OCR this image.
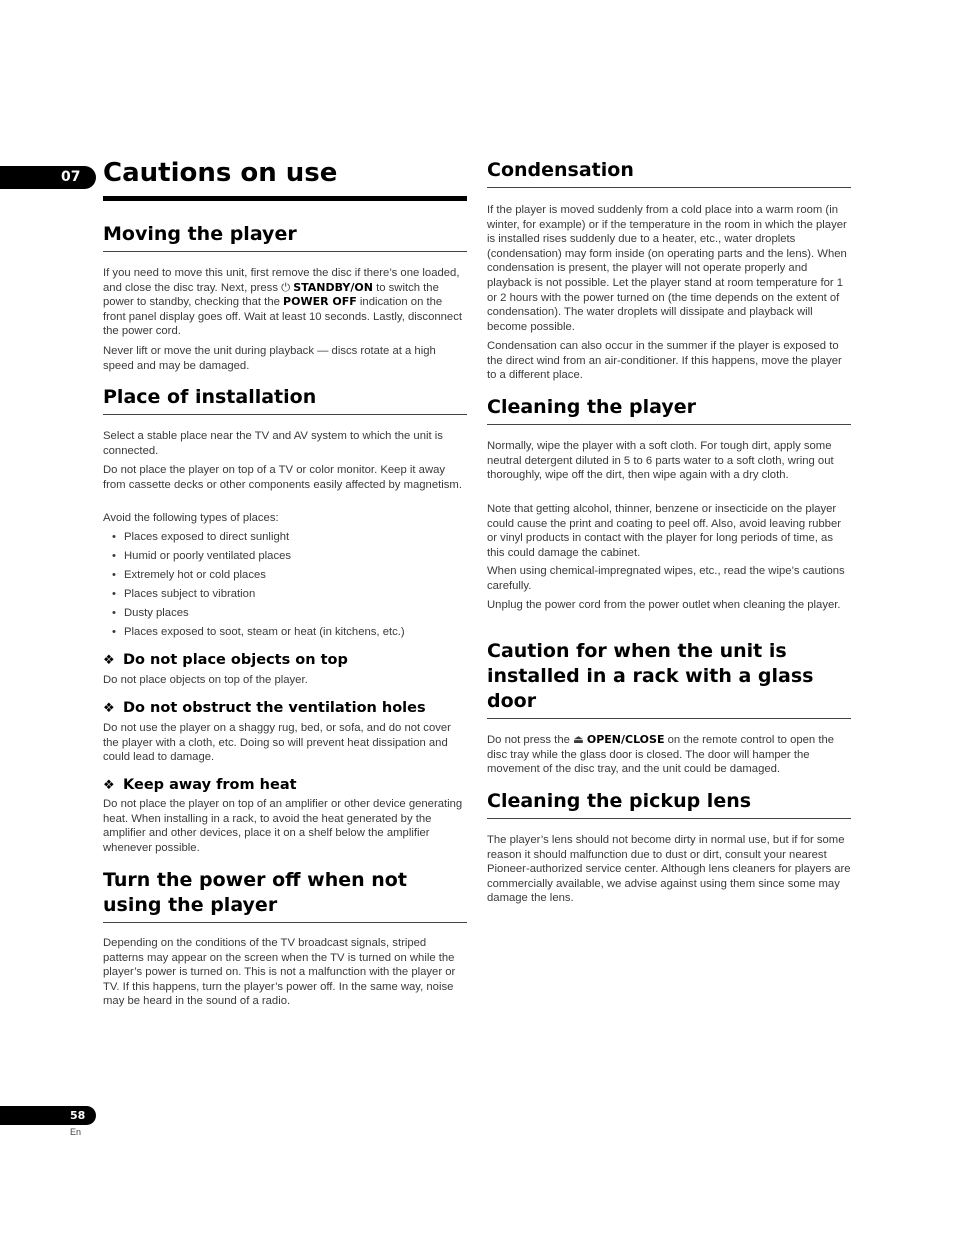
07 Cautions on use
Moving the player

If you need to move this unit, first remove the disc if there’s one loaded, and close the disc tray. Next, press ⏻ STANDBY/ON to switch the power to standby, checking that the POWER OFF indication on the front panel display goes off. Wait at least 10 seconds. Lastly, disconnect the power cord.

Never lift or move the unit during playback — discs rotate at a high speed and may be damaged.

Place of installation

Select a stable place near the TV and AV system to which the unit is connected.

Do not place the player on top of a TV or color monitor. Keep it away from cassette decks or other components easily affected by magnetism.

Avoid the following types of places:

• Places exposed to direct sunlight
• Humid or poorly ventilated places
• Extremely hot or cold places
• Places subject to vibration
• Dusty places
• Places exposed to soot, steam or heat (in kitchens, etc.)
❖ Do not place objects on top

Do not place objects on top of the player.

❖ Do not obstruct the ventilation holes

Do not use the player on a shaggy rug, bed, or sofa, and do not cover the player with a cloth, etc. Doing so will prevent heat dissipation and could lead to damage.

❖ Keep away from heat

Do not place the player on top of an amplifier or other device generating heat. When installing in a rack, to avoid the heat generated by the amplifier and other devices, place it on a shelf below the amplifier whenever possible.

Turn the power off when not using the player

Depending on the conditions of the TV broadcast signals, striped patterns may appear on the screen when the TV is turned on while the player’s power is turned on. This is not a malfunction with the player or TV. If this happens, turn the player’s power off. In the same way, noise may be heard in the sound of a radio.

Condensation

If the player is moved suddenly from a cold place into a warm room (in winter, for example) or if the temperature in the room in which the player is installed rises suddenly due to a heater, etc., water droplets (condensation) may form inside (on operating parts and the lens). When condensation is present, the player will not operate properly and playback is not possible. Let the player stand at room temperature for 1 or 2 hours with the power turned on (the time depends on the extent of condensation). The water droplets will dissipate and playback will become possible.

Condensation can also occur in the summer if the player is exposed to the direct wind from an air-conditioner. If this happens, move the player to a different place.

Cleaning the player

Normally, wipe the player with a soft cloth. For tough dirt, apply some neutral detergent diluted in 5 to 6 parts water to a soft cloth, wring out thoroughly, wipe off the dirt, then wipe again with a dry cloth.

Note that getting alcohol, thinner, benzene or insecticide on the player could cause the print and coating to peel off. Also, avoid leaving rubber or vinyl products in contact with the player for long periods of time, as this could damage the cabinet.

When using chemical-impregnated wipes, etc., read the wipe’s cautions carefully.

Unplug the power cord from the power outlet when cleaning the player.

Caution for when the unit is installed in a rack with a glass door

Do not press the ⏏ OPEN/CLOSE on the remote control to open the disc tray while the glass door is closed. The door will hamper the movement of the disc tray, and the unit could be damaged.

Cleaning the pickup lens

The player’s lens should not become dirty in normal use, but if for some reason it should malfunction due to dust or dirt, consult your nearest Pioneer-authorized service center. Although lens cleaners for players are commercially available, we advise against using them since some may damage the lens.

58
En
